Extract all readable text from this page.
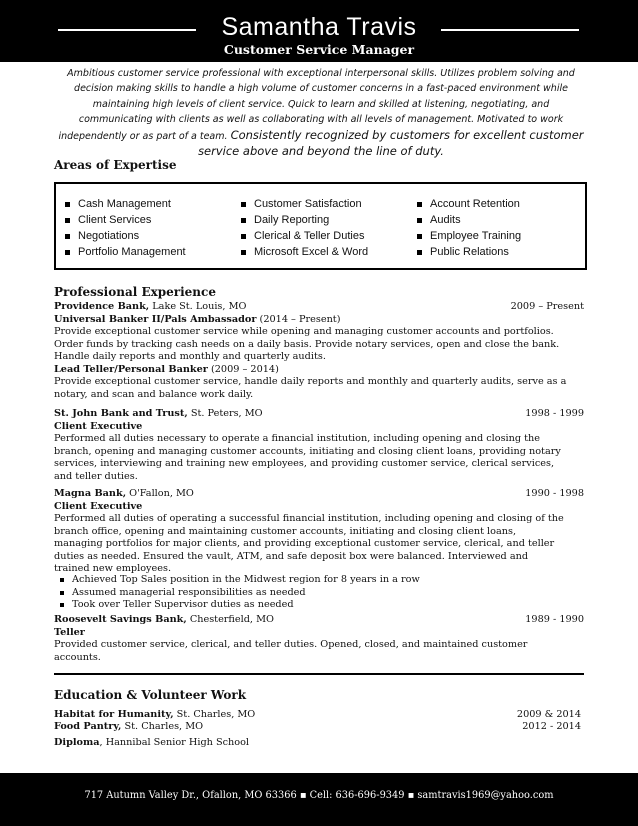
Samantha Travis
Customer Service Manager
Ambitious customer service professional with exceptional interpersonal skills. Utilizes problem solving and
decision making skills to handle a high volume of customer concerns in a fast-paced environment while
maintaining high levels of client service. Quick to learn and skilled at listening, negotiating, and
communicating with clients as well as collaborating with all levels of management. Motivated to work
independently or as part of a team. Consistently recognized by customers for excellent customer
service above and beyond the line of duty.
Areas of Expertise
Cash Management
Client Services
Negotiations
Portfolio Management
Customer Satisfaction
Daily Reporting
Clerical & Teller Duties
Microsoft Excel & Word
Account Retention
Audits
Employee Training
Public Relations
Professional Experience
Providence Bank, Lake St. Louis, MO	2009 – Present
Universal Banker II/Pals Ambassador (2014 – Present)
Provide exceptional customer service while opening and managing customer accounts and portfolios.
Order funds by tracking cash needs on a daily basis. Provide notary services, open and close the bank.
Handle daily reports and monthly and quarterly audits.
Lead Teller/Personal Banker (2009 – 2014)
Provide exceptional customer service, handle daily reports and monthly and quarterly audits, serve as a
notary, and scan and balance work daily.
St. John Bank and Trust, St. Peters, MO	1998 - 1999
Client Executive
Performed all duties necessary to operate a financial institution, including opening and closing the
branch, opening and managing customer accounts, initiating and closing client loans, providing notary
services, interviewing and training new employees, and providing customer service, clerical services,
and teller duties.
Magna Bank, O'Fallon, MO	1990 - 1998
Client Executive
Performed all duties of operating a successful financial institution, including opening and closing of the
branch office, opening and maintaining customer accounts, initiating and closing client loans,
managing portfolios for major clients, and providing exceptional customer service, clerical, and teller
duties as needed. Ensured the vault, ATM, and safe deposit box were balanced. Interviewed and
trained new employees.
Achieved Top Sales position in the Midwest region for 8 years in a row
Assumed managerial responsibilities as needed
Took over Teller Supervisor duties as needed
Roosevelt Savings Bank, Chesterfield, MO	1989 - 1990
Teller
Provided customer service, clerical, and teller duties. Opened, closed, and maintained customer
accounts.
Education & Volunteer Work
Habitat for Humanity, St. Charles, MO	2009 & 2014
Food Pantry, St. Charles, MO	2012 - 2014
Diploma, Hannibal Senior High School
717 Autumn Valley Dr., Ofallon, MO 63366 ▪ Cell: 636-696-9349 ▪ samtravis1969@yahoo.com
